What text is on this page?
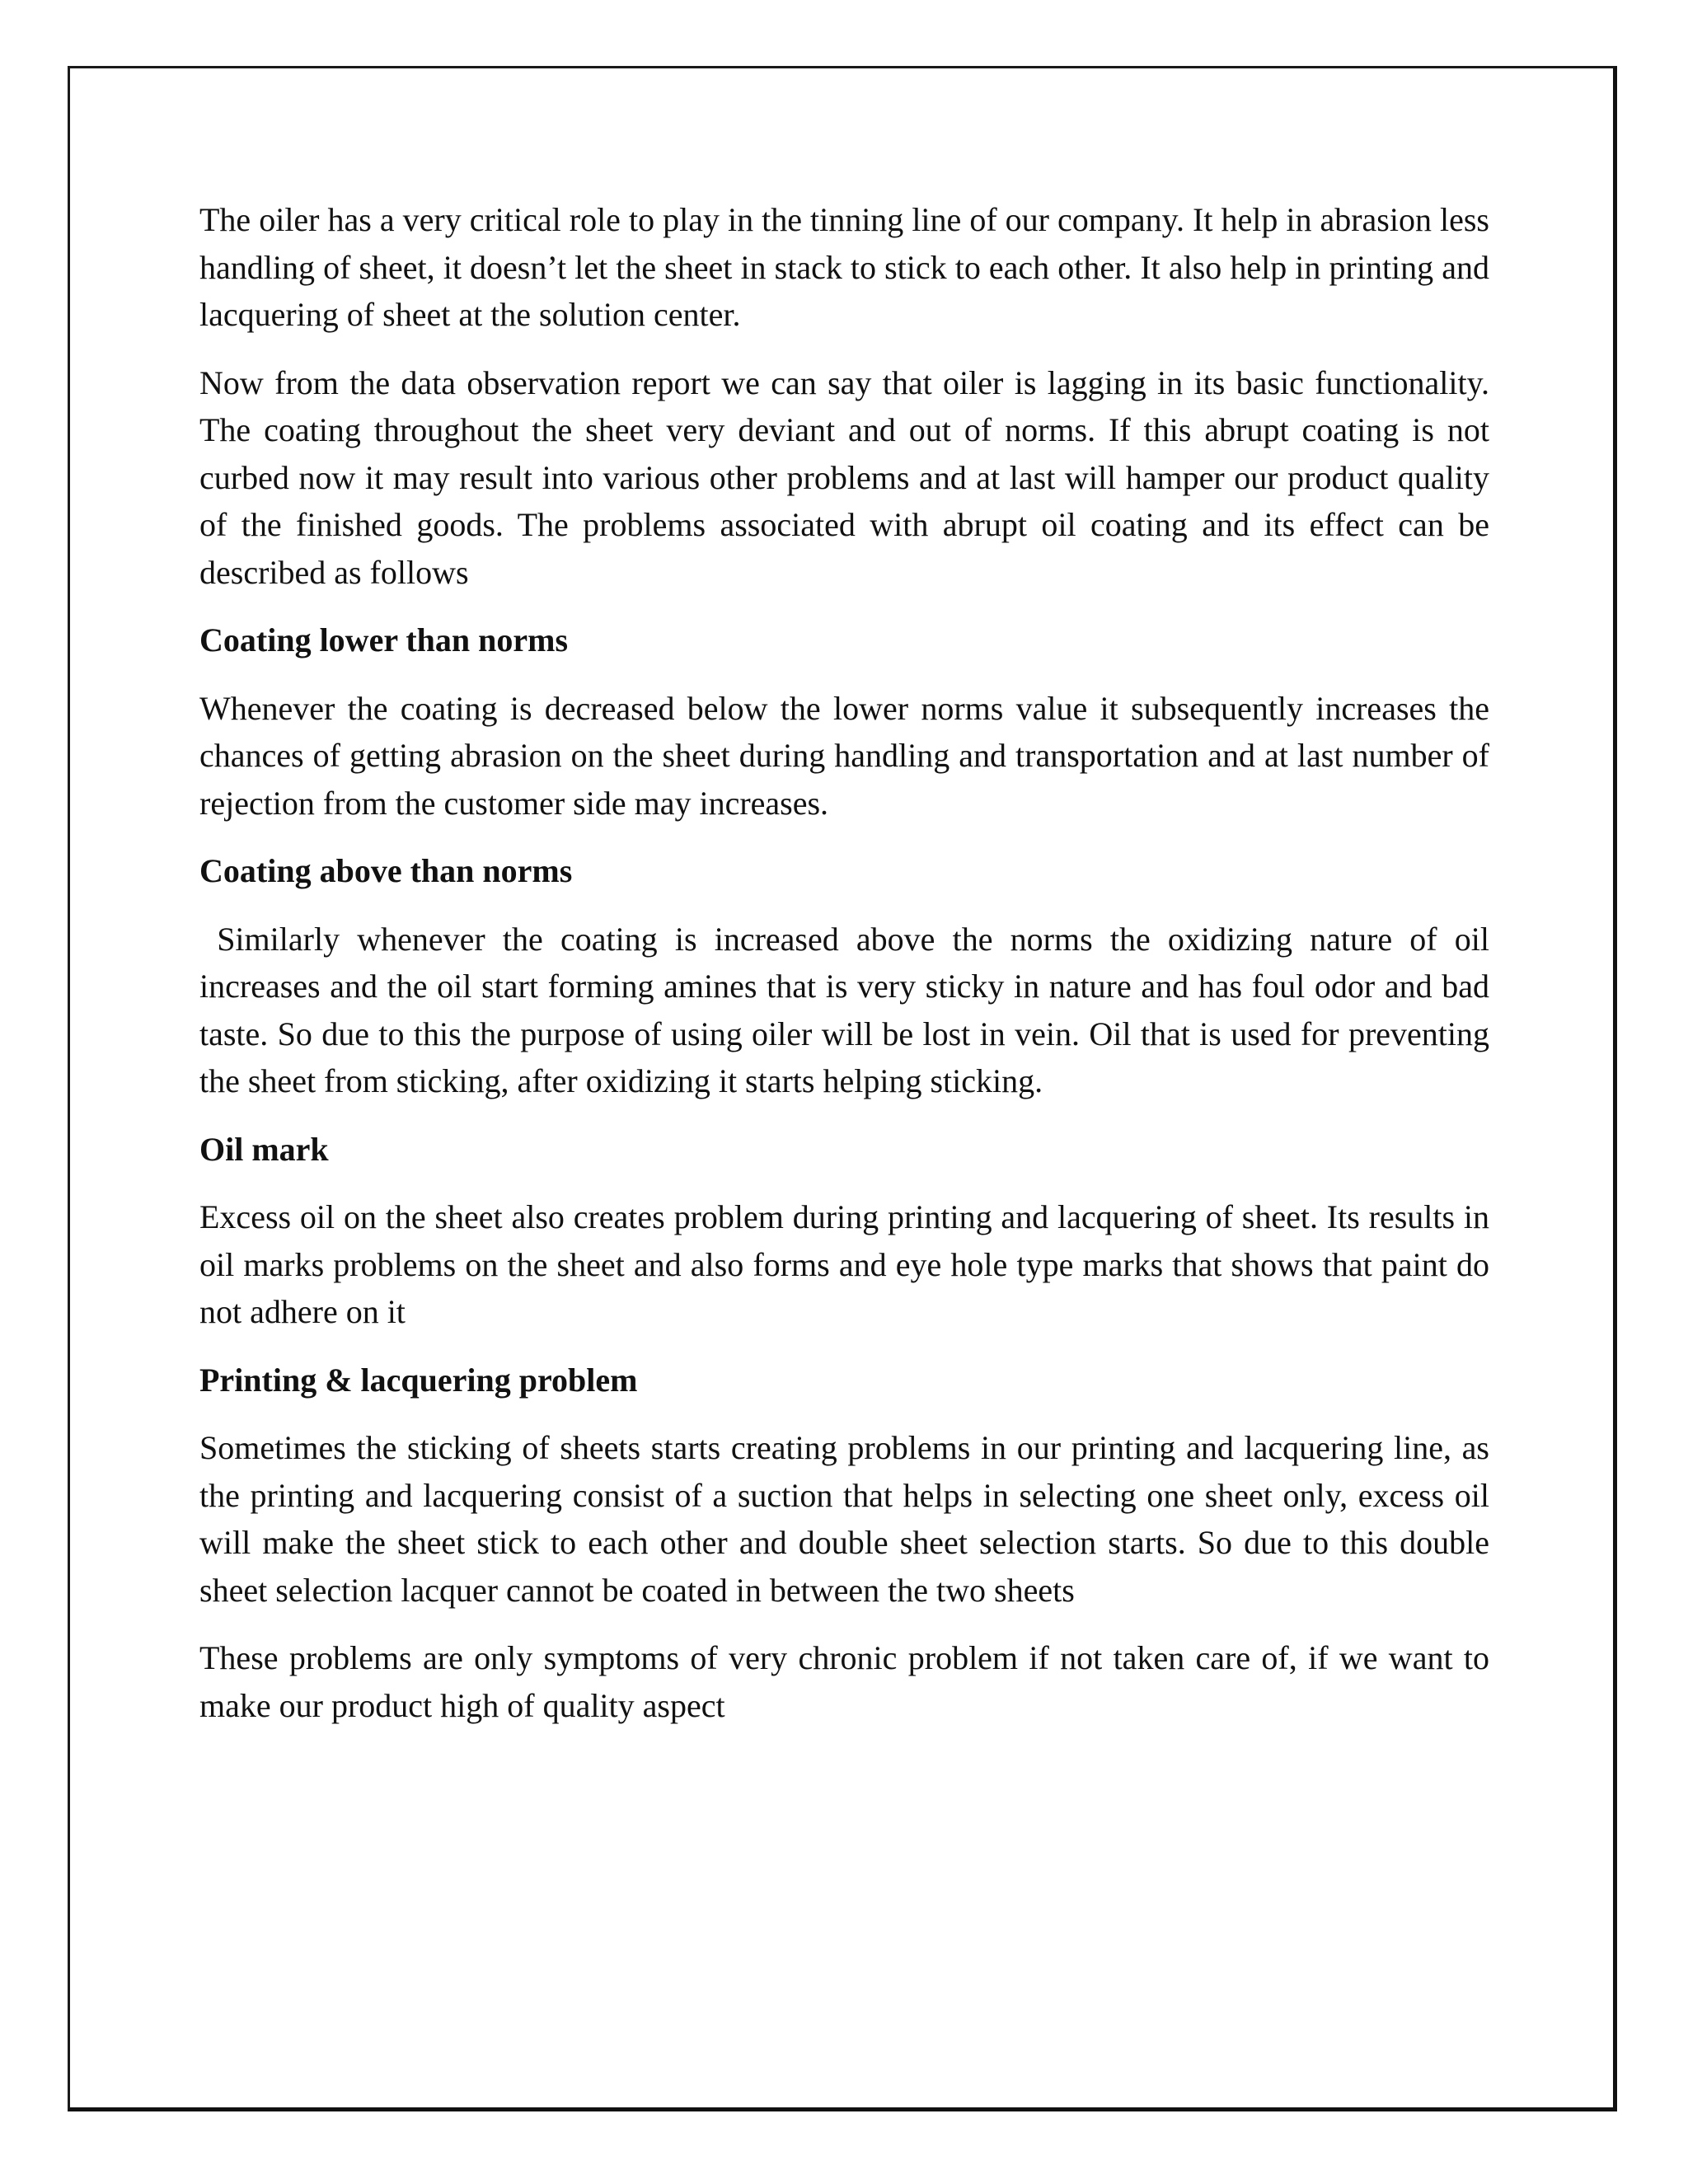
The oiler has a very critical role to play in the tinning line of our company. It help in abrasion less handling of sheet, it doesn’t let the sheet in stack to stick to each other. It also help in printing and lacquering of sheet at the solution center.

Now from the data observation report we can say that oiler is lagging in its basic functionality. The coating throughout the sheet very deviant and out of norms. If this abrupt coating is not curbed now it may result into various other problems and at last will hamper our product quality of the finished goods. The problems associated with abrupt oil coating and its effect can be described as follows

Coating lower than norms

Whenever the coating is decreased below the lower norms value it subsequently increases the chances of getting abrasion on the sheet during handling and transportation and at last number of rejection from the customer side may increases.

Coating above than norms

Similarly whenever the coating is increased above the norms the oxidizing nature of oil increases and the oil start forming amines that is very sticky in nature and has foul odor and bad taste. So due to this the purpose of using oiler will be lost in vein. Oil that is used for preventing the sheet from sticking, after oxidizing it starts helping sticking.

Oil mark

Excess oil on the sheet also creates problem during printing and lacquering of sheet. Its results in oil marks problems on the sheet and also forms and eye hole type marks that shows that paint do not adhere on it

Printing & lacquering problem

Sometimes the sticking of sheets starts creating problems in our printing and lacquering line, as the printing and lacquering consist of a suction that helps in selecting one sheet only, excess oil will make the sheet stick to each other and double sheet selection starts. So due to this double sheet selection lacquer cannot be coated in between the two sheets

These problems are only symptoms of very chronic problem if not taken care of, if we want to make our product high of quality aspect
